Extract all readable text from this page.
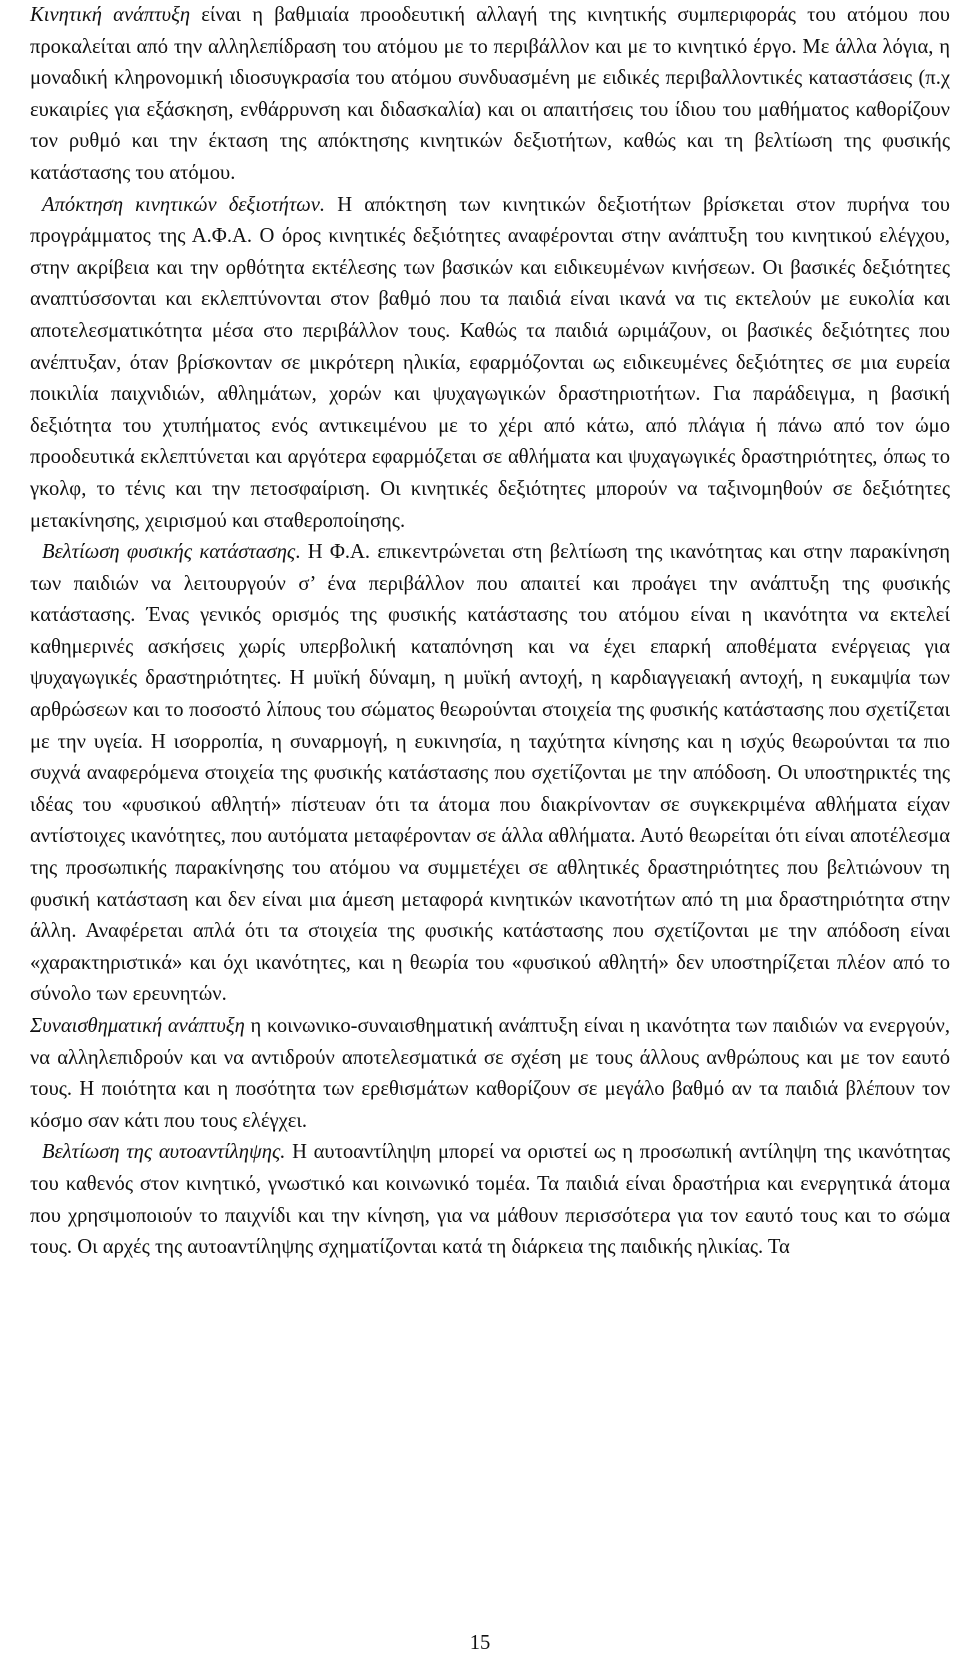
Κινητική ανάπτυξη είναι η βαθμιαία προοδευτική αλλαγή της κινητικής συμπεριφοράς του ατόμου που προκαλείται από την αλληλεπίδραση του ατόμου με το περιβάλλον και με το κινητικό έργο. Με άλλα λόγια, η μοναδική κληρονομική ιδιοσυγκρασία του ατόμου συνδυασμένη με ειδικές περιβαλλοντικές καταστάσεις (π.χ ευκαιρίες για εξάσκηση, ενθάρρυνση και διδασκαλία) και οι απαιτήσεις του ίδιου του μαθήματος καθορίζουν τον ρυθμό και την έκταση της απόκτησης κινητικών δεξιοτήτων, καθώς και τη βελτίωση της φυσικής κατάστασης του ατόμου.

Απόκτηση κινητικών δεξιοτήτων. Η απόκτηση των κινητικών δεξιοτήτων βρίσκεται στον πυρήνα του προγράμματος της Α.Φ.Α. Ο όρος κινητικές δεξιότητες αναφέρονται στην ανάπτυξη του κινητικού ελέγχου, στην ακρίβεια και την ορθότητα εκτέλεσης των βασικών και ειδικευμένων κινήσεων. Οι βασικές δεξιότητες αναπτύσσονται και εκλεπτύνονται στον βαθμό που τα παιδιά είναι ικανά να τις εκτελούν με ευκολία και αποτελεσματικότητα μέσα στο περιβάλλον τους. Καθώς τα παιδιά ωριμάζουν, οι βασικές δεξιότητες που ανέπτυξαν, όταν βρίσκονταν σε μικρότερη ηλικία, εφαρμόζονται ως ειδικευμένες δεξιότητες σε μια ευρεία ποικιλία παιχνιδιών, αθλημάτων, χορών και ψυχαγωγικών δραστηριοτήτων. Για παράδειγμα, η βασική δεξιότητα του χτυπήματος ενός αντικειμένου με το χέρι από κάτω, από πλάγια ή πάνω από τον ώμο προοδευτικά εκλεπτύνεται και αργότερα εφαρμόζεται σε αθλήματα και ψυχαγωγικές δραστηριότητες, όπως το γκολφ, το τένις και την πετοσφαίριση. Οι κινητικές δεξιότητες μπορούν να ταξινομηθούν σε δεξιότητες μετακίνησης, χειρισμού και σταθεροποίησης.

Βελτίωση φυσικής κατάστασης. Η Φ.Α. επικεντρώνεται στη βελτίωση της ικανότητας και στην παρακίνηση των παιδιών να λειτουργούν σ’ ένα περιβάλλον που απαιτεί και προάγει την ανάπτυξη της φυσικής κατάστασης. Ένας γενικός ορισμός της φυσικής κατάστασης του ατόμου είναι η ικανότητα να εκτελεί καθημερινές ασκήσεις χωρίς υπερβολική καταπόνηση και να έχει επαρκή αποθέματα ενέργειας για ψυχαγωγικές δραστηριότητες. Η μυϊκή δύναμη, η μυϊκή αντοχή, η καρδιαγγειακή αντοχή, η ευκαμψία των αρθρώσεων και το ποσοστό λίπους του σώματος θεωρούνται στοιχεία της φυσικής κατάστασης που σχετίζεται με την υγεία. Η ισορροπία, η συναρμογή, η ευκινησία, η ταχύτητα κίνησης και η ισχύς θεωρούνται τα πιο συχνά αναφερόμενα στοιχεία της φυσικής κατάστασης που σχετίζονται με την απόδοση. Οι υποστηρικτές της ιδέας του «φυσικού αθλητή» πίστευαν ότι τα άτομα που διακρίνονταν σε συγκεκριμένα αθλήματα είχαν αντίστοιχες ικανότητες, που αυτόματα μεταφέρονταν σε άλλα αθλήματα. Αυτό θεωρείται ότι είναι αποτέλεσμα της προσωπικής παρακίνησης του ατόμου να συμμετέχει σε αθλητικές δραστηριότητες που βελτιώνουν τη φυσική κατάσταση και δεν είναι μια άμεση μεταφορά κινητικών ικανοτήτων από τη μια δραστηριότητα στην άλλη. Αναφέρεται απλά ότι τα στοιχεία της φυσικής κατάστασης που σχετίζονται με την απόδοση είναι «χαρακτηριστικά» και όχι ικανότητες, και η θεωρία του «φυσικού αθλητή» δεν υποστηρίζεται πλέον από το σύνολο των ερευνητών.

Συναισθηματική ανάπτυξη η κοινωνικο-συναισθηματική ανάπτυξη είναι η ικανότητα των παιδιών να ενεργούν, να αλληλεπιδρούν και να αντιδρούν αποτελεσματικά σε σχέση με τους άλλους ανθρώπους και με τον εαυτό τους. Η ποιότητα και η ποσότητα των ερεθισμάτων καθορίζουν σε μεγάλο βαθμό αν τα παιδιά βλέπουν τον κόσμο σαν κάτι που τους ελέγχει.

Βελτίωση της αυτοαντίληψης. Η αυτοαντίληψη μπορεί να οριστεί ως η προσωπική αντίληψη της ικανότητας του καθενός στον κινητικό, γνωστικό και κοινωνικό τομέα. Τα παιδιά είναι δραστήρια και ενεργητικά άτομα που χρησιμοποιούν το παιχνίδι και την κίνηση, για να μάθουν περισσότερα για τον εαυτό τους και το σώμα τους. Οι αρχές της αυτοαντίληψης σχηματίζονται κατά τη διάρκεια της παιδικής ηλικίας. Τα

15
